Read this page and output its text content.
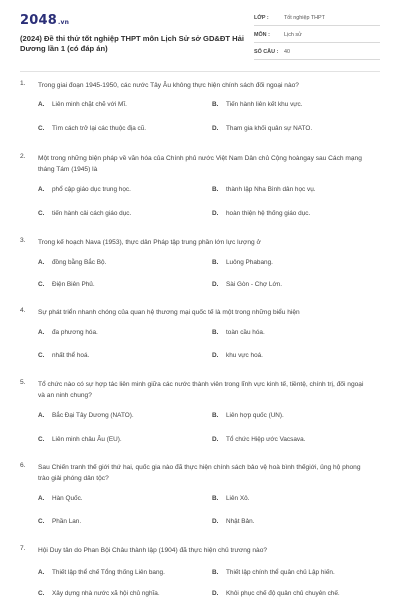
2048.vn
(2024) Đề thi thử tốt nghiệp THPT môn Lịch Sử sở GD&ĐT Hải Dương lần 1 (có đáp án)
LỚP :	Tốt nghiệp THPT
MÔN :	Lịch sử
SỐ CÂU : 40
1. Trong giai đoạn 1945-1950, các nước Tây Âu không thực hiện chính sách đối ngoại nào?
A. Liên minh chặt chẽ với Mĩ.	B. Tiến hành liên kết khu vực.
C. Tìm cách trở lại các thuộc địa cũ.	D. Tham gia khối quân sự NATO.
2. Một trong những biện pháp về văn hóa của Chính phủ nước Việt Nam Dân chủ Cộng hoàngay sau Cách mạng tháng Tám (1945) là
A. phổ cập giáo dục trung học.	B. thành lập Nha Bình dân học vụ.
C. tiến hành cải cách giáo dục.	D. hoàn thiện hệ thống giáo dục.
3. Trong kế hoạch Nava (1953), thực dân Pháp tập trung phần lớn lực lượng ở
A. đồng bằng Bắc Bộ.	B. Luông Phabang.
C. Điện Biên Phủ.	D. Sài Gòn - Chợ Lớn.
4. Sự phát triển nhanh chóng của quan hệ thương mại quốc tế là một trong những biểu hiện
A. đa phương hóa.	B. toàn cầu hóa.
C. nhất thể hoá.	D. khu vực hoá.
5. Tổ chức nào có sự hợp tác liên minh giữa các nước thành viên trong lĩnh vực kinh tế, tiềntệ, chính trị, đối ngoại và an ninh chung?
A. Bắc Đại Tây Dương (NATO).	B. Liên hợp quốc (UN).
C. Liên minh châu Âu (EU).	D. Tổ chức Hiệp ước Vacsava.
6. Sau Chiến tranh thế giới thứ hai, quốc gia nào đã thực hiện chính sách bảo vệ hoà bình thếgiới, ủng hộ phong trào giải phóng dân tộc?
A. Hàn Quốc.	B. Liên Xô.
C. Phần Lan.	D. Nhật Bản.
7. Hội Duy tân do Phan Bội Châu thành lập (1904) đã thực hiện chủ trương nào?
A. Thiết lập thể chế Tổng thống Liên bang.	B. Thiết lập chính thể quân chủ Lập hiến.
C. Xây dựng nhà nước xã hội chủ nghĩa.	D. Khôi phục chế độ quân chủ chuyên chế.
